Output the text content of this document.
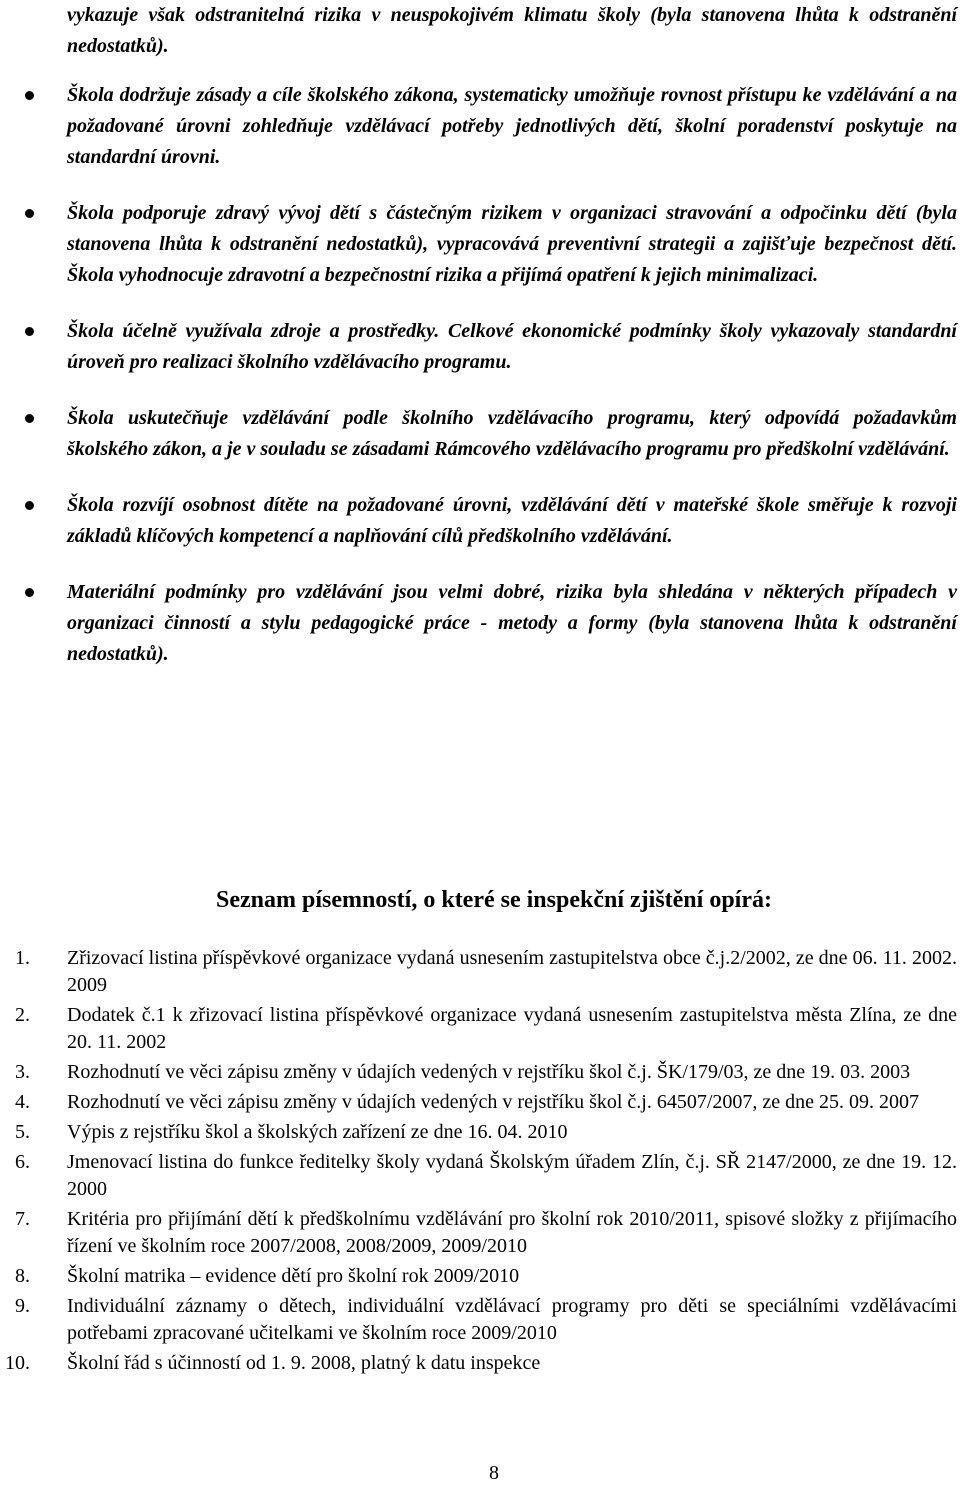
vykazuje však odstranitelná rizika v neuspokojivém klimatu školy (byla stanovena lhůta k odstranění nedostatků).

Škola dodržuje zásady a cíle školského zákona, systematicky umožňuje rovnost přístupu ke vzdělávání a na požadované úrovni zohledňuje vzdělávací potřeby jednotlivých dětí, školní poradenství poskytuje na standardní úrovni.
Škola podporuje zdravý vývoj dětí s částečným rizikem v organizaci stravování a odpočinku dětí (byla stanovena lhůta k odstranění nedostatků), vypracovává preventivní strategii a zajišťuje bezpečnost dětí. Škola vyhodnocuje zdravotní a bezpečnostní rizika a přijímá opatření k jejich minimalizaci.
Škola účelně využívala zdroje a prostředky. Celkové ekonomické podmínky školy vykazovaly standardní úroveň pro realizaci školního vzdělávacího programu.
Škola uskutečňuje vzdělávání podle školního vzdělávacího programu, který odpovídá požadavkům školského zákon, a je v souladu se zásadami Rámcového vzdělávacího programu pro předškolní vzdělávání.
Škola rozvíjí osobnost dítěte na požadované úrovni, vzdělávání dětí v mateřské škole směřuje k rozvoji základů klíčových kompetencí a naplňování cílů předškolního vzdělávání.
Materiální podmínky pro vzdělávání jsou velmi dobré, rizika byla shledána v některých případech v organizaci činností a stylu pedagogické práce - metody a formy (byla stanovena lhůta k odstranění nedostatků).
Seznam písemností, o které se inspekční zjištění opírá:
1. Zřizovací listina příspěvkové organizace vydaná usnesením zastupitelstva obce č.j.2/2002, ze dne 06. 11. 2002. 2009
2. Dodatek č.1 k zřizovací listina příspěvkové organizace vydaná usnesením zastupitelstva města Zlína, ze dne 20. 11. 2002
3. Rozhodnutí ve věci zápisu změny v údajích vedených v rejstříku škol č.j. ŠK/179/03, ze dne 19. 03. 2003
4. Rozhodnutí ve věci zápisu změny v údajích vedených v rejstříku škol č.j. 64507/2007, ze dne 25. 09. 2007
5. Výpis z rejstříku škol a školských zařízení ze dne 16. 04. 2010
6. Jmenovací listina do funkce ředitelky školy vydaná Školským úřadem Zlín, č.j. SŘ 2147/2000, ze dne 19. 12. 2000
7. Kritéria pro přijímání dětí k předškolnímu vzdělávání pro školní rok 2010/2011, spisové složky z přijímacího řízení ve školním roce 2007/2008, 2008/2009, 2009/2010
8. Školní matrika – evidence dětí pro školní rok 2009/2010
9. Individuální záznamy o dětech, individuální vzdělávací programy pro děti se speciálními vzdělávacími potřebami zpracované učitelkami ve školním roce 2009/2010
10. Školní řád s účinností od 1. 9. 2008, platný k datu inspekce
8
